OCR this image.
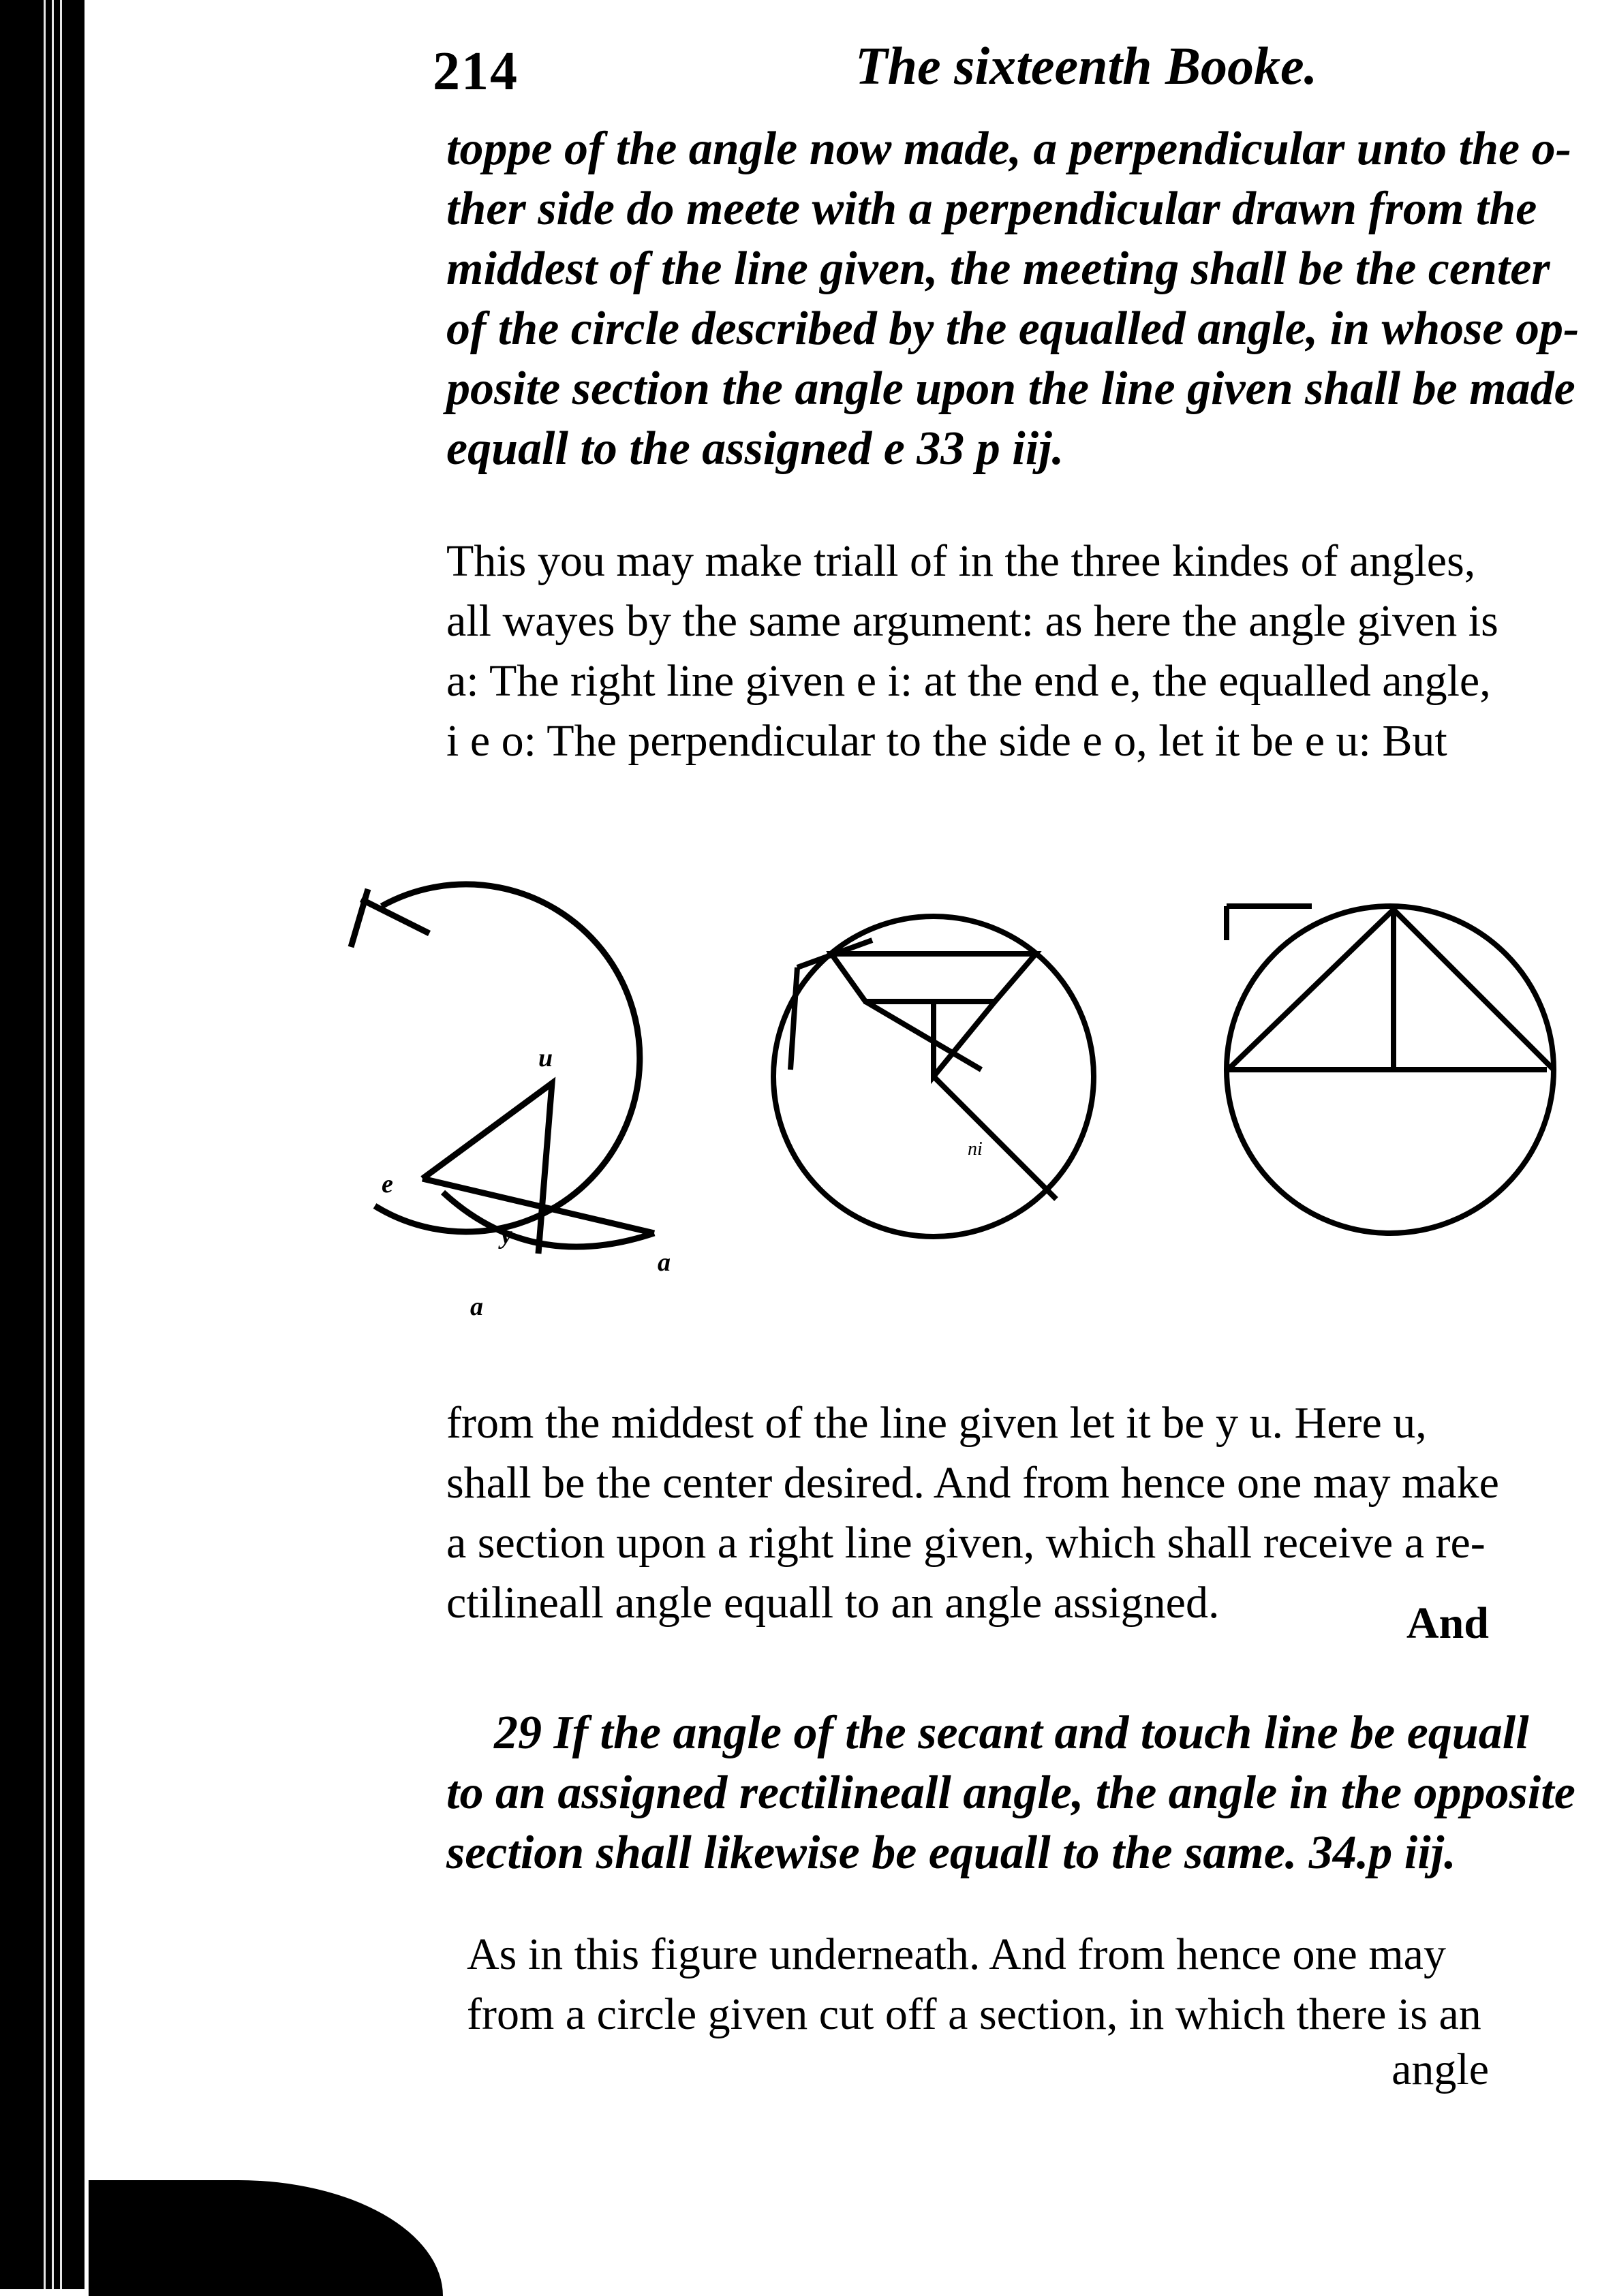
214	The sixteenth Booke.
toppe of the angle now made, a perpendicular unto the o-
ther side do meete with a perpendicular drawn from the
middest of the line given, the meeting shall be the center
of the circle described by the equalled angle, in whose op-
posite section the angle upon the line given shall be made
equall to the assigned e 33 p iij.
This you may make triall of in the three kindes of angles,
all wayes by the same argument: as here the angle given is
a: The right line given e i: at the end e, the equalled angle,
i e o: The perpendicular to the side e o, let it be e u: But
u
e
y
a
a
ni
from the middest of the line given let it be y u. Here u,
shall be the center desired. And from hence one may make
a section upon a right line given, which shall receive a re-
ctilineall angle equall to an angle assigned.	And
29 If the angle of the secant and touch line be equall
to an assigned rectilineall angle, the angle in the opposite
section shall likewise be equall to the same. 34.p iij.
As in this figure underneath. And from hence one may
from a circle given cut off a section, in which there is an
angle
